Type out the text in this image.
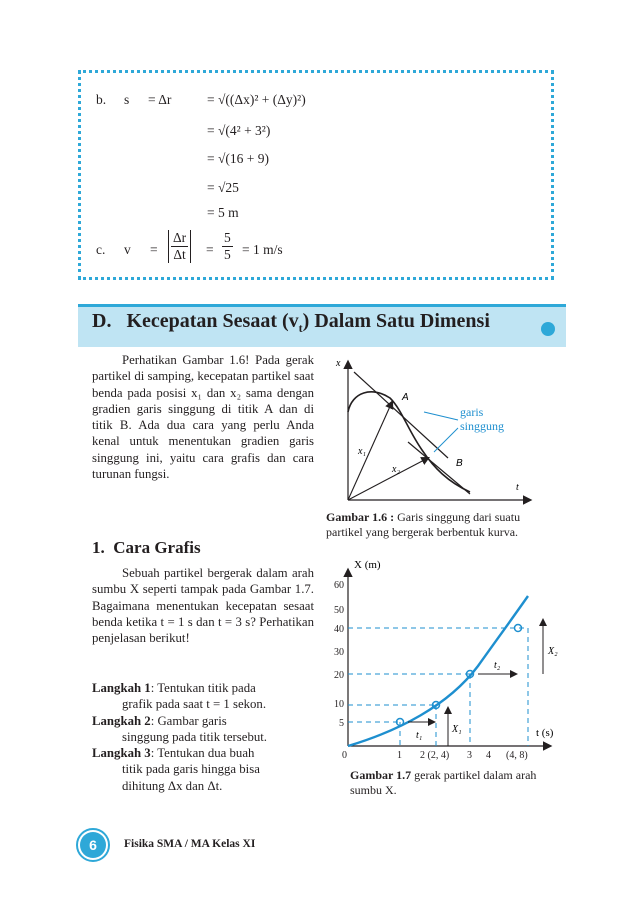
b. s = Δr	= √((Δx)² + (Δy)²)
= √(4² + 3²)
= √(16 + 9)
= √25
= 5 m
c. $v = \frac{\Delta r}{\Delta t} = \frac{5}{5} = 1$ m/s
D. Kecepatan Sesaat $(v_t)$ Dalam Satu Dimensi
Perhatikan Gambar 1.6! Pada gerak partikel di samping, kecepatan partikel saat benda pada posisi x₁ dan x₂ sama dengan gradien garis singgung di titik A dan di titik B. Ada dua cara yang perlu Anda kenal untuk menentukan gradien garis singgung ini, yaitu cara grafis dan cara turunan fungsi.
x
t
A
B
x₁
x₂
garis
singgung
Gambar 1.6 : Garis singgung dari suatu partikel yang bergerak berbentuk kurva.
1. Cara Grafis
Sebuah partikel bergerak dalam arah sumbu X seperti tampak pada Gambar 1.7. Bagaimana menentukan kecepatan sesaat benda ketika t = 1 s dan t = 3 s? Perhatikan penjelasan berikut!
Langkah 1: Tentukan titik pada
grafik pada saat t = 1 sekon.
Langkah 2: Gambar garis
singgung pada titik tersebut.
Langkah 3: Tentukan dua buah
titik pada garis hingga bisa
dihitung Δx dan Δt.
60
50
40
30
20
10
5
X (m)
t (s)
0	1 2 (2, 4) 3 4 (4, 8)
t₁
t₂
X₁
X₂
Gambar 1.7 gerak partikel dalam arah sumbu X.
6	Fisika SMA / MA Kelas XI
